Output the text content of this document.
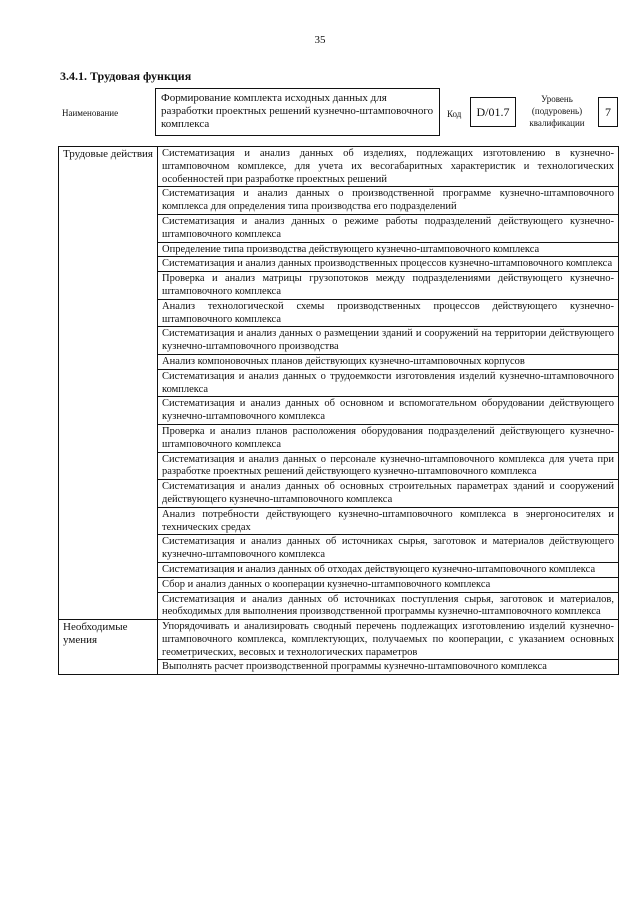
35
3.4.1. Трудовая функция
Наименование
Формирование комплекта исходных данных для разработки проектных решений кузнечно-штамповочного комплекса
Код	D/01.7
Уровень (подуровень) квалификации
7
Трудовые действия	Систематизация и анализ данных об изделиях, подлежащих изготовлению в кузнечно-штамповочном комплексе, для учета их весогабаритных характеристик и технологических особенностей при разработке проектных решений
	Систематизация и анализ данных о производственной программе кузнечно-штамповочного комплекса для определения типа производства его подразделений
	Систематизация и анализ данных о режиме работы подразделений действующего кузнечно-штамповочного комплекса
	Определение типа производства действующего кузнечно-штамповочного комплекса
	Систематизация и анализ данных производственных процессов кузнечно-штамповочного комплекса
	Проверка и анализ матрицы грузопотоков между подразделениями действующего кузнечно-штамповочного комплекса
	Анализ технологической схемы производственных процессов действующего кузнечно-штамповочного комплекса
	Систематизация и анализ данных о размещении зданий и сооружений на территории действующего кузнечно-штамповочного производства
	Анализ компоновочных планов действующих кузнечно-штамповочных корпусов
	Систематизация и анализ данных о трудоемкости изготовления изделий кузнечно-штамповочного комплекса
	Систематизация и анализ данных об основном и вспомогательном оборудовании действующего кузнечно-штамповочного комплекса
	Проверка и анализ планов расположения оборудования подразделений действующего кузнечно-штамповочного комплекса
	Систематизация и анализ данных о персонале кузнечно-штамповочного комплекса для учета при разработке проектных решений действующего кузнечно-штамповочного комплекса
	Систематизация и анализ данных об основных строительных параметрах зданий и сооружений действующего кузнечно-штамповочного комплекса
	Анализ потребности действующего кузнечно-штамповочного комплекса в энергоносителях и технических средах
	Систематизация и анализ данных об источниках сырья, заготовок и материалов действующего кузнечно-штамповочного комплекса
	Систематизация и анализ данных об отходах действующего кузнечно-штамповочного комплекса
	Сбор и анализ данных о кооперации кузнечно-штамповочного комплекса
	Систематизация и анализ данных об источниках поступления сырья, заготовок и материалов, необходимых для выполнения производственной программы кузнечно-штамповочного комплекса
Необходимые умения	Упорядочивать и анализировать сводный перечень подлежащих изготовлению изделий кузнечно-штамповочного комплекса, комплектующих, получаемых по кооперации, с указанием основных геометрических, весовых и технологических параметров
	Выполнять расчет производственной программы кузнечно-штамповочного комплекса
